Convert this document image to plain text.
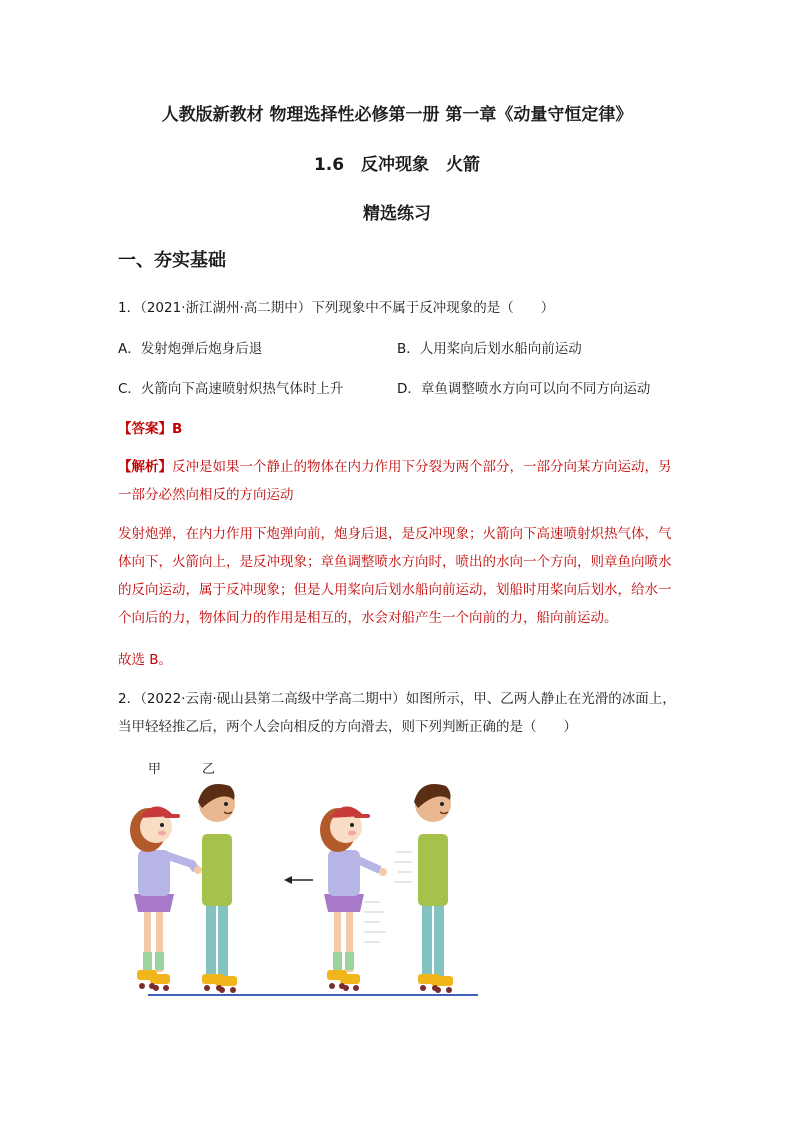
人教版新教材 物理选择性必修第一册 第一章《动量守恒定律》
1.6　反冲现象　火箭
精选练习
一、夯实基础
1．（2021·浙江湖州·高二期中）下列现象中不属于反冲现象的是（　　）
A．发射炮弹后炮身后退	B．人用桨向后划水船向前运动
C．火箭向下高速喷射炽热气体时上升	D．章鱼调整喷水方向可以向不同方向运动
【答案】B
【解析】反冲是如果一个静止的物体在内力作用下分裂为两个部分，一部分向某方向运动，另一部分必然向相反的方向运动
发射炮弹，在内力作用下炮弹向前，炮身后退，是反冲现象；火箭向下高速喷射炽热气体，气体向下，火箭向上，是反冲现象；章鱼调整喷水方向时，喷出的水向一个方向，则章鱼向喷水的反向运动，属于反冲现象；但是人用桨向后划水船向前运动，划船时用桨向后划水，给水一个向后的力，物体间力的作用是相互的，水会对船产生一个向前的力，船向前运动。
故选 B。
2．（2022·云南·砚山县第二高级中学高二期中）如图所示，甲、乙两人静止在光滑的冰面上，当甲轻轻推乙后，两个人会向相反的方向滑去，则下列判断正确的是（　　）
甲	乙
